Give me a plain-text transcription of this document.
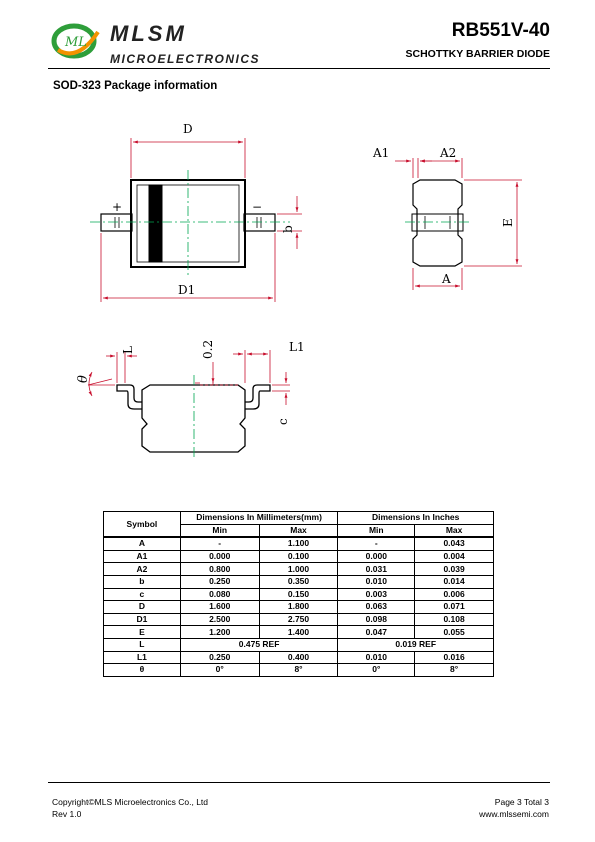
ML MLSM
MICROELECTRONICS
RB551V-40
SCHOTTKY BARRIER DIODE
SOD-323 Package information
D
D1
b
+	−
A1	A2
E
A
θ
L	0.2	L1
c
Symbol	Dimensions In Millimeters(mm)		Dimensions In Inches	
	Min	Max	Min	Max
A	-	1.100	-	0.043
A1	0.000	0.100	0.000	0.004
A2	0.800	1.000	0.031	0.039
b	0.250	0.350	0.010	0.014
c	0.080	0.150	0.003	0.006
D	1.600	1.800	0.063	0.071
D1	2.500	2.750	0.098	0.108
E	1.200	1.400	0.047	0.055
L	0.475 REF		0.019 REF	
L1	0.250	0.400	0.010	0.016
θ	0°	8°	0°	8°
Copyright©MLS Microelectronics Co., Ltd
Rev 1.0
Page 3 Total 3
www.mlssemi.com
